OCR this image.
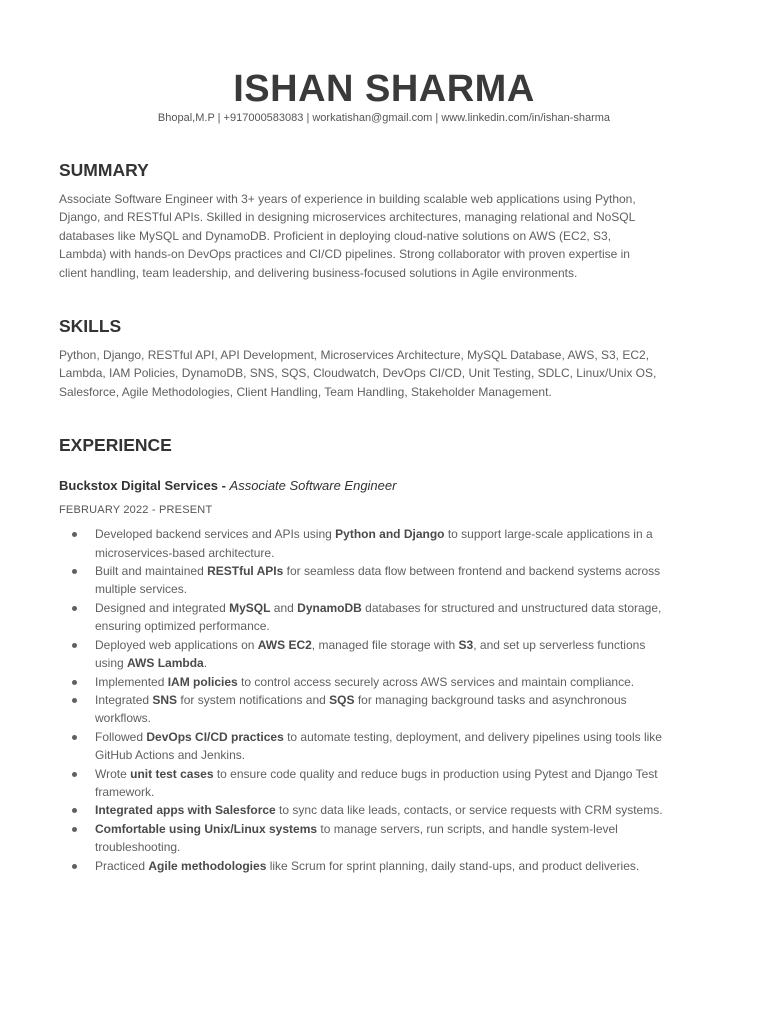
ISHAN SHARMA
Bhopal,M.P | +917000583083 | workatishan@gmail.com | www.linkedin.com/in/ishan-sharma
SUMMARY
Associate Software Engineer with 3+ years of experience in building scalable web applications using Python, Django, and RESTful APIs. Skilled in designing microservices architectures, managing relational and NoSQL databases like MySQL and DynamoDB. Proficient in deploying cloud-native solutions on AWS (EC2, S3, Lambda) with hands-on DevOps practices and CI/CD pipelines. Strong collaborator with proven expertise in client handling, team leadership, and delivering business-focused solutions in Agile environments.
SKILLS
Python, Django, RESTful API, API Development, Microservices Architecture, MySQL Database, AWS, S3, EC2, Lambda, IAM Policies, DynamoDB, SNS, SQS, Cloudwatch, DevOps CI/CD, Unit Testing, SDLC, Linux/Unix OS, Salesforce, Agile Methodologies, Client Handling, Team Handling, Stakeholder Management.
EXPERIENCE
Buckstox Digital Services - Associate Software Engineer
FEBRUARY 2022 - PRESENT
Developed backend services and APIs using Python and Django to support large-scale applications in a microservices-based architecture.
Built and maintained RESTful APIs for seamless data flow between frontend and backend systems across multiple services.
Designed and integrated MySQL and DynamoDB databases for structured and unstructured data storage, ensuring optimized performance.
Deployed web applications on AWS EC2, managed file storage with S3, and set up serverless functions using AWS Lambda.
Implemented IAM policies to control access securely across AWS services and maintain compliance.
Integrated SNS for system notifications and SQS for managing background tasks and asynchronous workflows.
Followed DevOps CI/CD practices to automate testing, deployment, and delivery pipelines using tools like GitHub Actions and Jenkins.
Wrote unit test cases to ensure code quality and reduce bugs in production using Pytest and Django Test framework.
Integrated apps with Salesforce to sync data like leads, contacts, or service requests with CRM systems.
Comfortable using Unix/Linux systems to manage servers, run scripts, and handle system-level troubleshooting.
Practiced Agile methodologies like Scrum for sprint planning, daily stand-ups, and product deliveries.
